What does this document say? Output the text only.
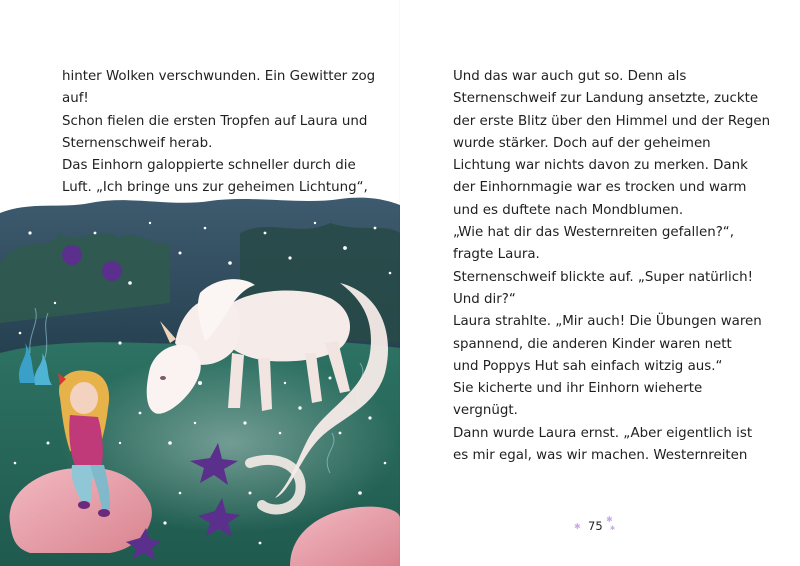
hinter Wolken verschwunden. Ein Gewitter zog

auf!

Schon fielen die ersten Tropfen auf Laura und

Sternenschweif herab.

Das Einhorn galoppierte schneller durch die

Luft. „Ich bringe uns zur geheimen Lichtung“,

Und das war auch gut so. Denn als

Sternenschweif zur Landung ansetzte, zuckte

der erste Blitz über den Himmel und der Regen

wurde stärker. Doch auf der geheimen

Lichtung war nichts davon zu merken. Dank

der Einhornmagie war es trocken und warm

und es duftete nach Mondblumen.

„Wie hat dir das Westernreiten gefallen?“,

fragte Laura.

Sternenschweif blickte auf. „Super natürlich!

Und dir?“

Laura strahlte. „Mir auch! Die Übungen waren

spannend, die anderen Kinder waren nett

und Poppys Hut sah einfach witzig aus.“

Sie kicherte und ihr Einhorn wieherte

vergnügt.

Dann wurde Laura ernst. „Aber eigentlich ist

es mir egal, was wir machen. Westernreiten

✱
✱
✱
75
